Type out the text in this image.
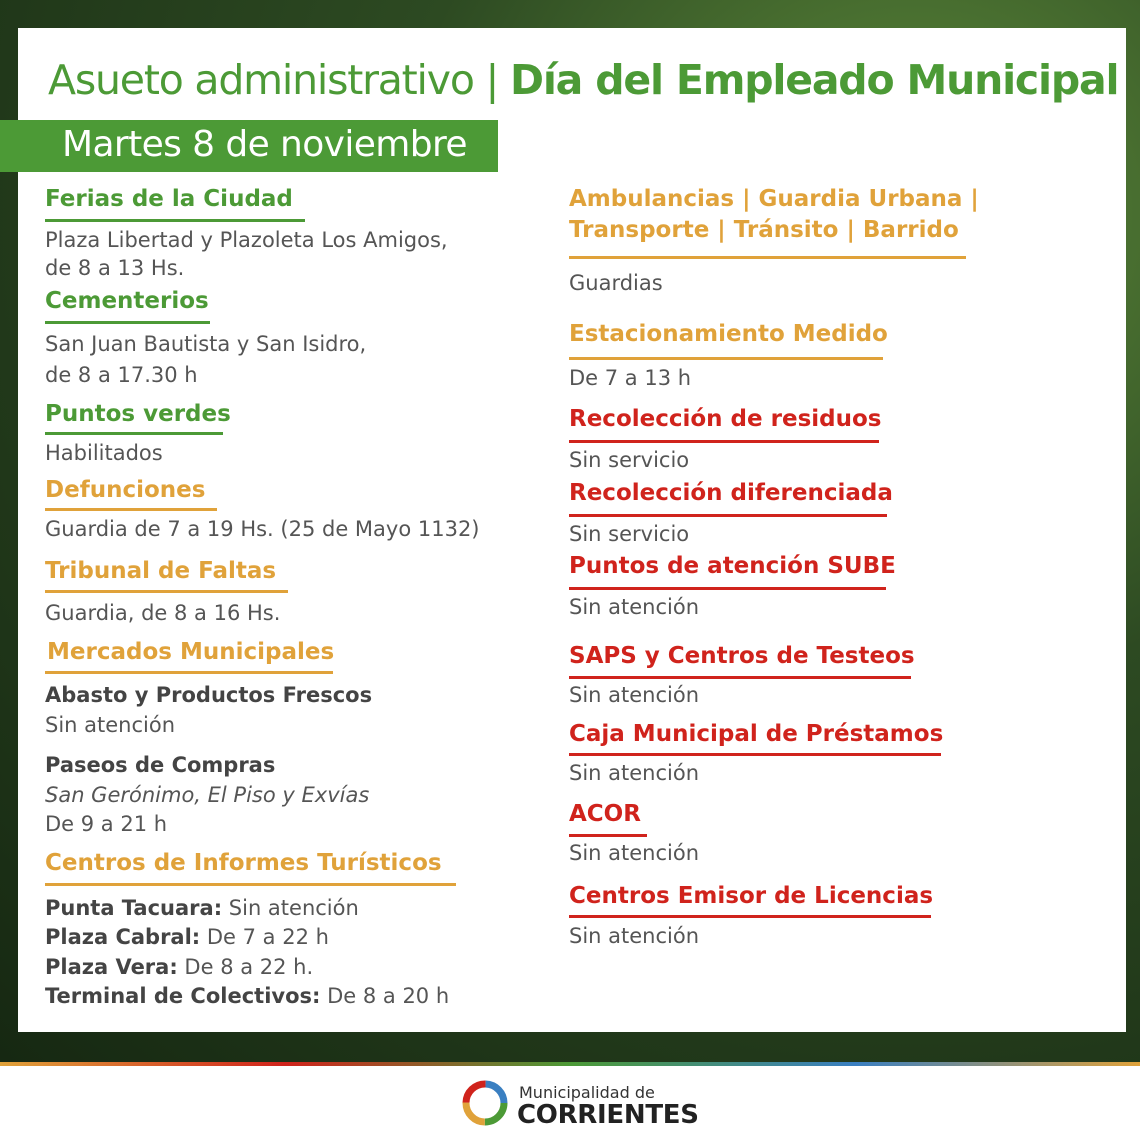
Asueto administrativo | Día del Empleado Municipal
Martes 8 de noviembre
Ferias de la Ciudad
Plaza Libertad y Plazoleta Los Amigos,
de 8 a 13 Hs.
Cementerios
San Juan Bautista y San Isidro,
de 8 a 17.30 h
Puntos verdes
Habilitados
Defunciones
Guardia de 7 a 19 Hs. (25 de Mayo 1132)
Tribunal de Faltas
Guardia, de 8 a 16 Hs.
Mercados Municipales
Abasto y Productos Frescos
Sin atención
Paseos de Compras
San Gerónimo, El Piso y Exvías
De 9 a 21 h
Centros de Informes Turísticos
Punta Tacuara: Sin atención
Plaza Cabral: De 7 a 22 h
Plaza Vera: De 8 a 22 h.
Terminal de Colectivos: De 8 a 20 h
Ambulancias | Guardia Urbana |
Transporte | Tránsito | Barrido
Guardias
Estacionamiento Medido
De 7 a 13 h
Recolección de residuos
Sin servicio
Recolección diferenciada
Sin servicio
Puntos de atención SUBE
Sin atención
SAPS y Centros de Testeos
Sin atención
Caja Municipal de Préstamos
Sin atención
ACOR
Sin atención
Centros Emisor de Licencias
Sin atención
Municipalidad de
CORRIENTES
